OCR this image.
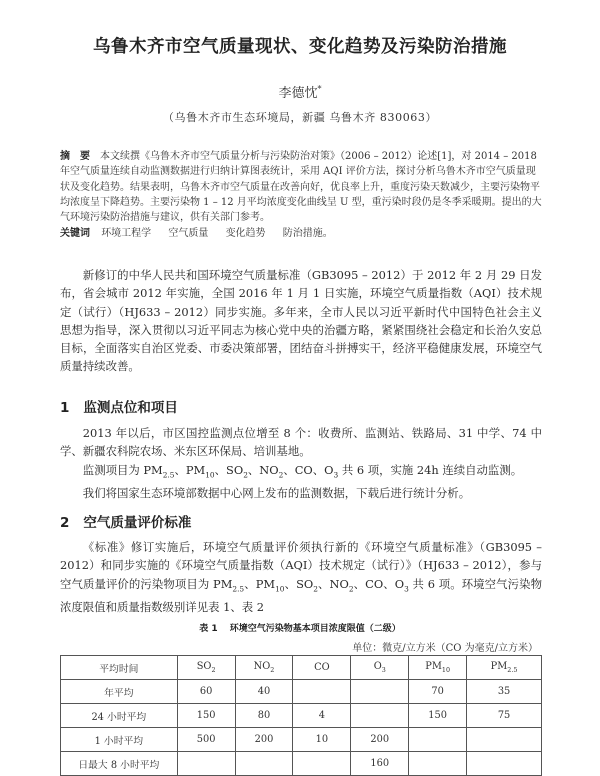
乌鲁木齐市空气质量现状、变化趋势及污染防治措施
李德忱*
（乌鲁木齐市生态环境局，新疆 乌鲁木齐 830063）
摘　要 本文续撰《乌鲁木齐市空气质量分析与污染防治对策》（2006 – 2012）论述[1]，对 2014 – 2018 年空气质量连续自动监测数据进行归纳计算图表统计，采用 AQI 评价方法，探讨分析乌鲁木齐市空气质量现状及变化趋势。结果表明，乌鲁木齐市空气质量在改善向好，优良率上升，重度污染天数减少，主要污染物平均浓度呈下降趋势。主要污染物 1 – 12 月平均浓度变化曲线呈 U 型，重污染时段仍是冬季采暖期。提出的大气环境污染防治措施与建议，供有关部门参考。
关键词 环境工程学 空气质量 变化趋势 防治措施。

新修订的中华人民共和国环境空气质量标准（GB3095 – 2012）于 2012 年 2 月 29 日发布，省会城市 2012 年实施，全国 2016 年 1 月 1 日实施，环境空气质量指数（AQI）技术规定（试行）（HJ633 – 2012）同步实施。多年来，全市人民以习近平新时代中国特色社会主义思想为指导，深入贯彻以习近平同志为核心党中央的治疆方略，紧紧围绕社会稳定和长治久安总目标，全面落实自治区党委、市委决策部署，团结奋斗拼搏实干，经济平稳健康发展，环境空气质量持续改善。

1 监测点位和项目

2013 年以后，市区国控监测点位增至 8 个：收费所、监测站、铁路局、31 中学、74 中学、新疆农科院农场、米东区环保局、培训基地。

监测项目为 $PM_{2.5}$、$PM_{10}$、$SO_2$、$NO_2$、CO、$O_3$ 共 6 项，实施 24h 连续自动监测。

我们将国家生态环境部数据中心网上发布的监测数据，下载后进行统计分析。

2 空气质量评价标准

《标准》修订实施后，环境空气质量评价须执行新的《环境空气质量标准》（GB3095 – 2012）和同步实施的《环境空气质量指数（AQI）技术规定（试行）》（HJ633 – 2012），参与空气质量评价的污染物项目为 $PM_{2.5}$、$PM_{10}$、$SO_2$、$NO_2$、CO、$O_3$ 共 6 项。环境空气污染物浓度限值和质量指数级别详见表 1、表 2

表 1 环境空气污染物基本项目浓度限值（二级）
单位：微克/立方米（CO 为毫克/立方米）
平均时间	$SO_2$	$NO_2$	CO	$O_3$	$PM_{10}$	$PM_{2.5}$
年平均	60	40			70	35
24 小时平均	150	80	4		150	75
1 小时平均	500	200	10	200		
日最大 8 小时平均				160		
